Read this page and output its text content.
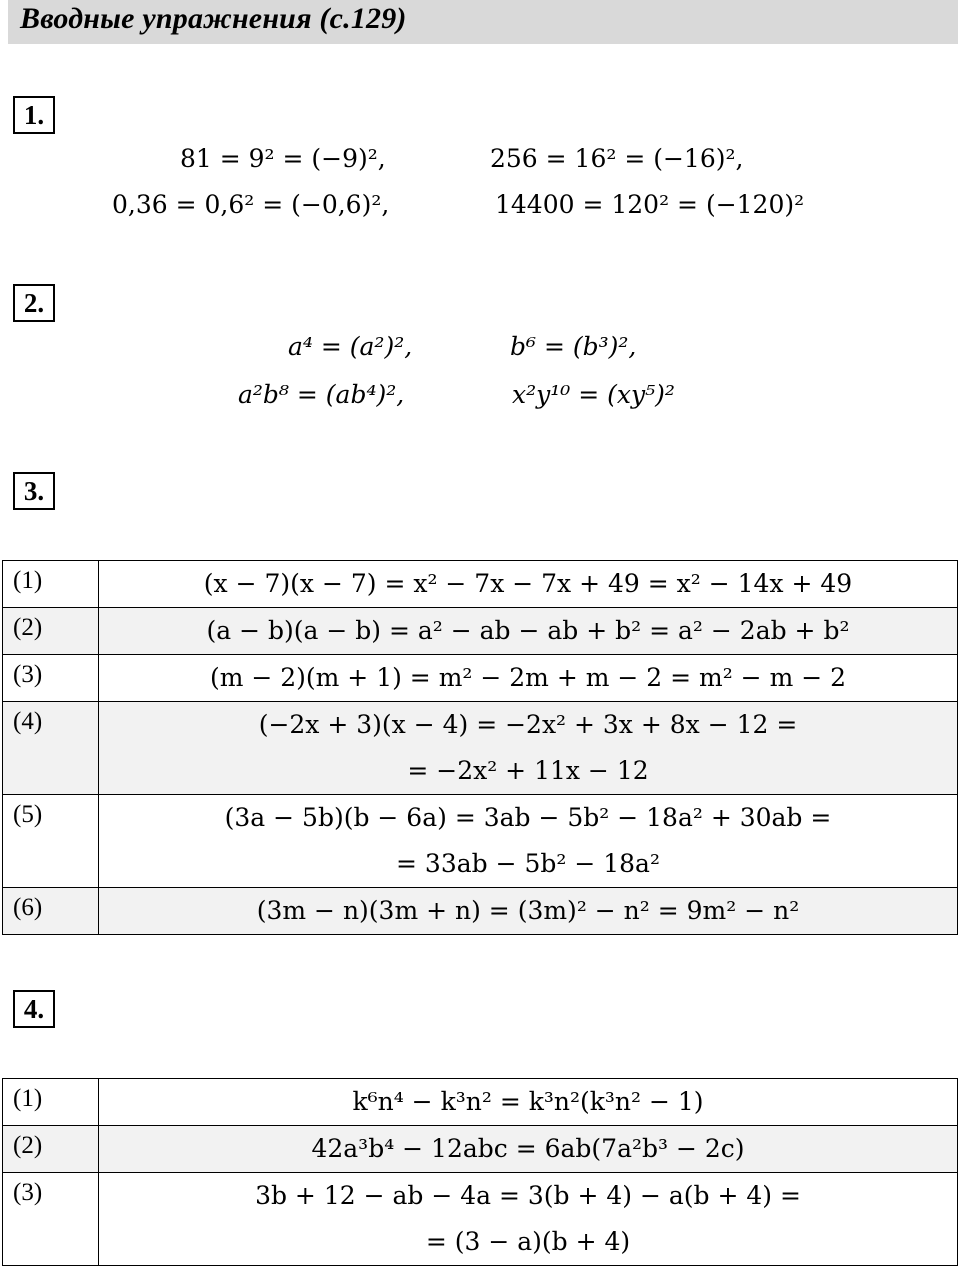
Вводные упражнения (с.129)
1.
81 = 9² = (−9)²,	256 = 16² = (−16)²,
0,36 = 0,6² = (−0,6)²,	14400 = 120² = (−120)²
2.
a⁴ = (a²)²,	b⁶ = (b³)²,
a²b⁸ = (ab⁴)²,	x²y¹⁰ = (xy⁵)²
3.
(1)	(x − 7)(x − 7) = x² − 7x − 7x + 49 = x² − 14x + 49

(2)	(a − b)(a − b) = a² − ab − ab + b² = a² − 2ab + b²

(3)	(m − 2)(m + 1) = m² − 2m + m − 2 = m² − m − 2

(4)	(−2x + 3)(x − 4) = −2x² + 3x + 8x − 12 =
= −2x² + 11x − 12

(5)	(3a − 5b)(b − 6a) = 3ab − 5b² − 18a² + 30ab =
= 33ab − 5b² − 18a²

(6)	(3m − n)(3m + n) = (3m)² − n² = 9m² − n²
4.
(1)	k⁶n⁴ − k³n² = k³n²(k³n² − 1)

(2)	42a³b⁴ − 12abc = 6ab(7a²b³ − 2c)

(3)	3b + 12 − ab − 4a = 3(b + 4) − a(b + 4) =
= (3 − a)(b + 4)
